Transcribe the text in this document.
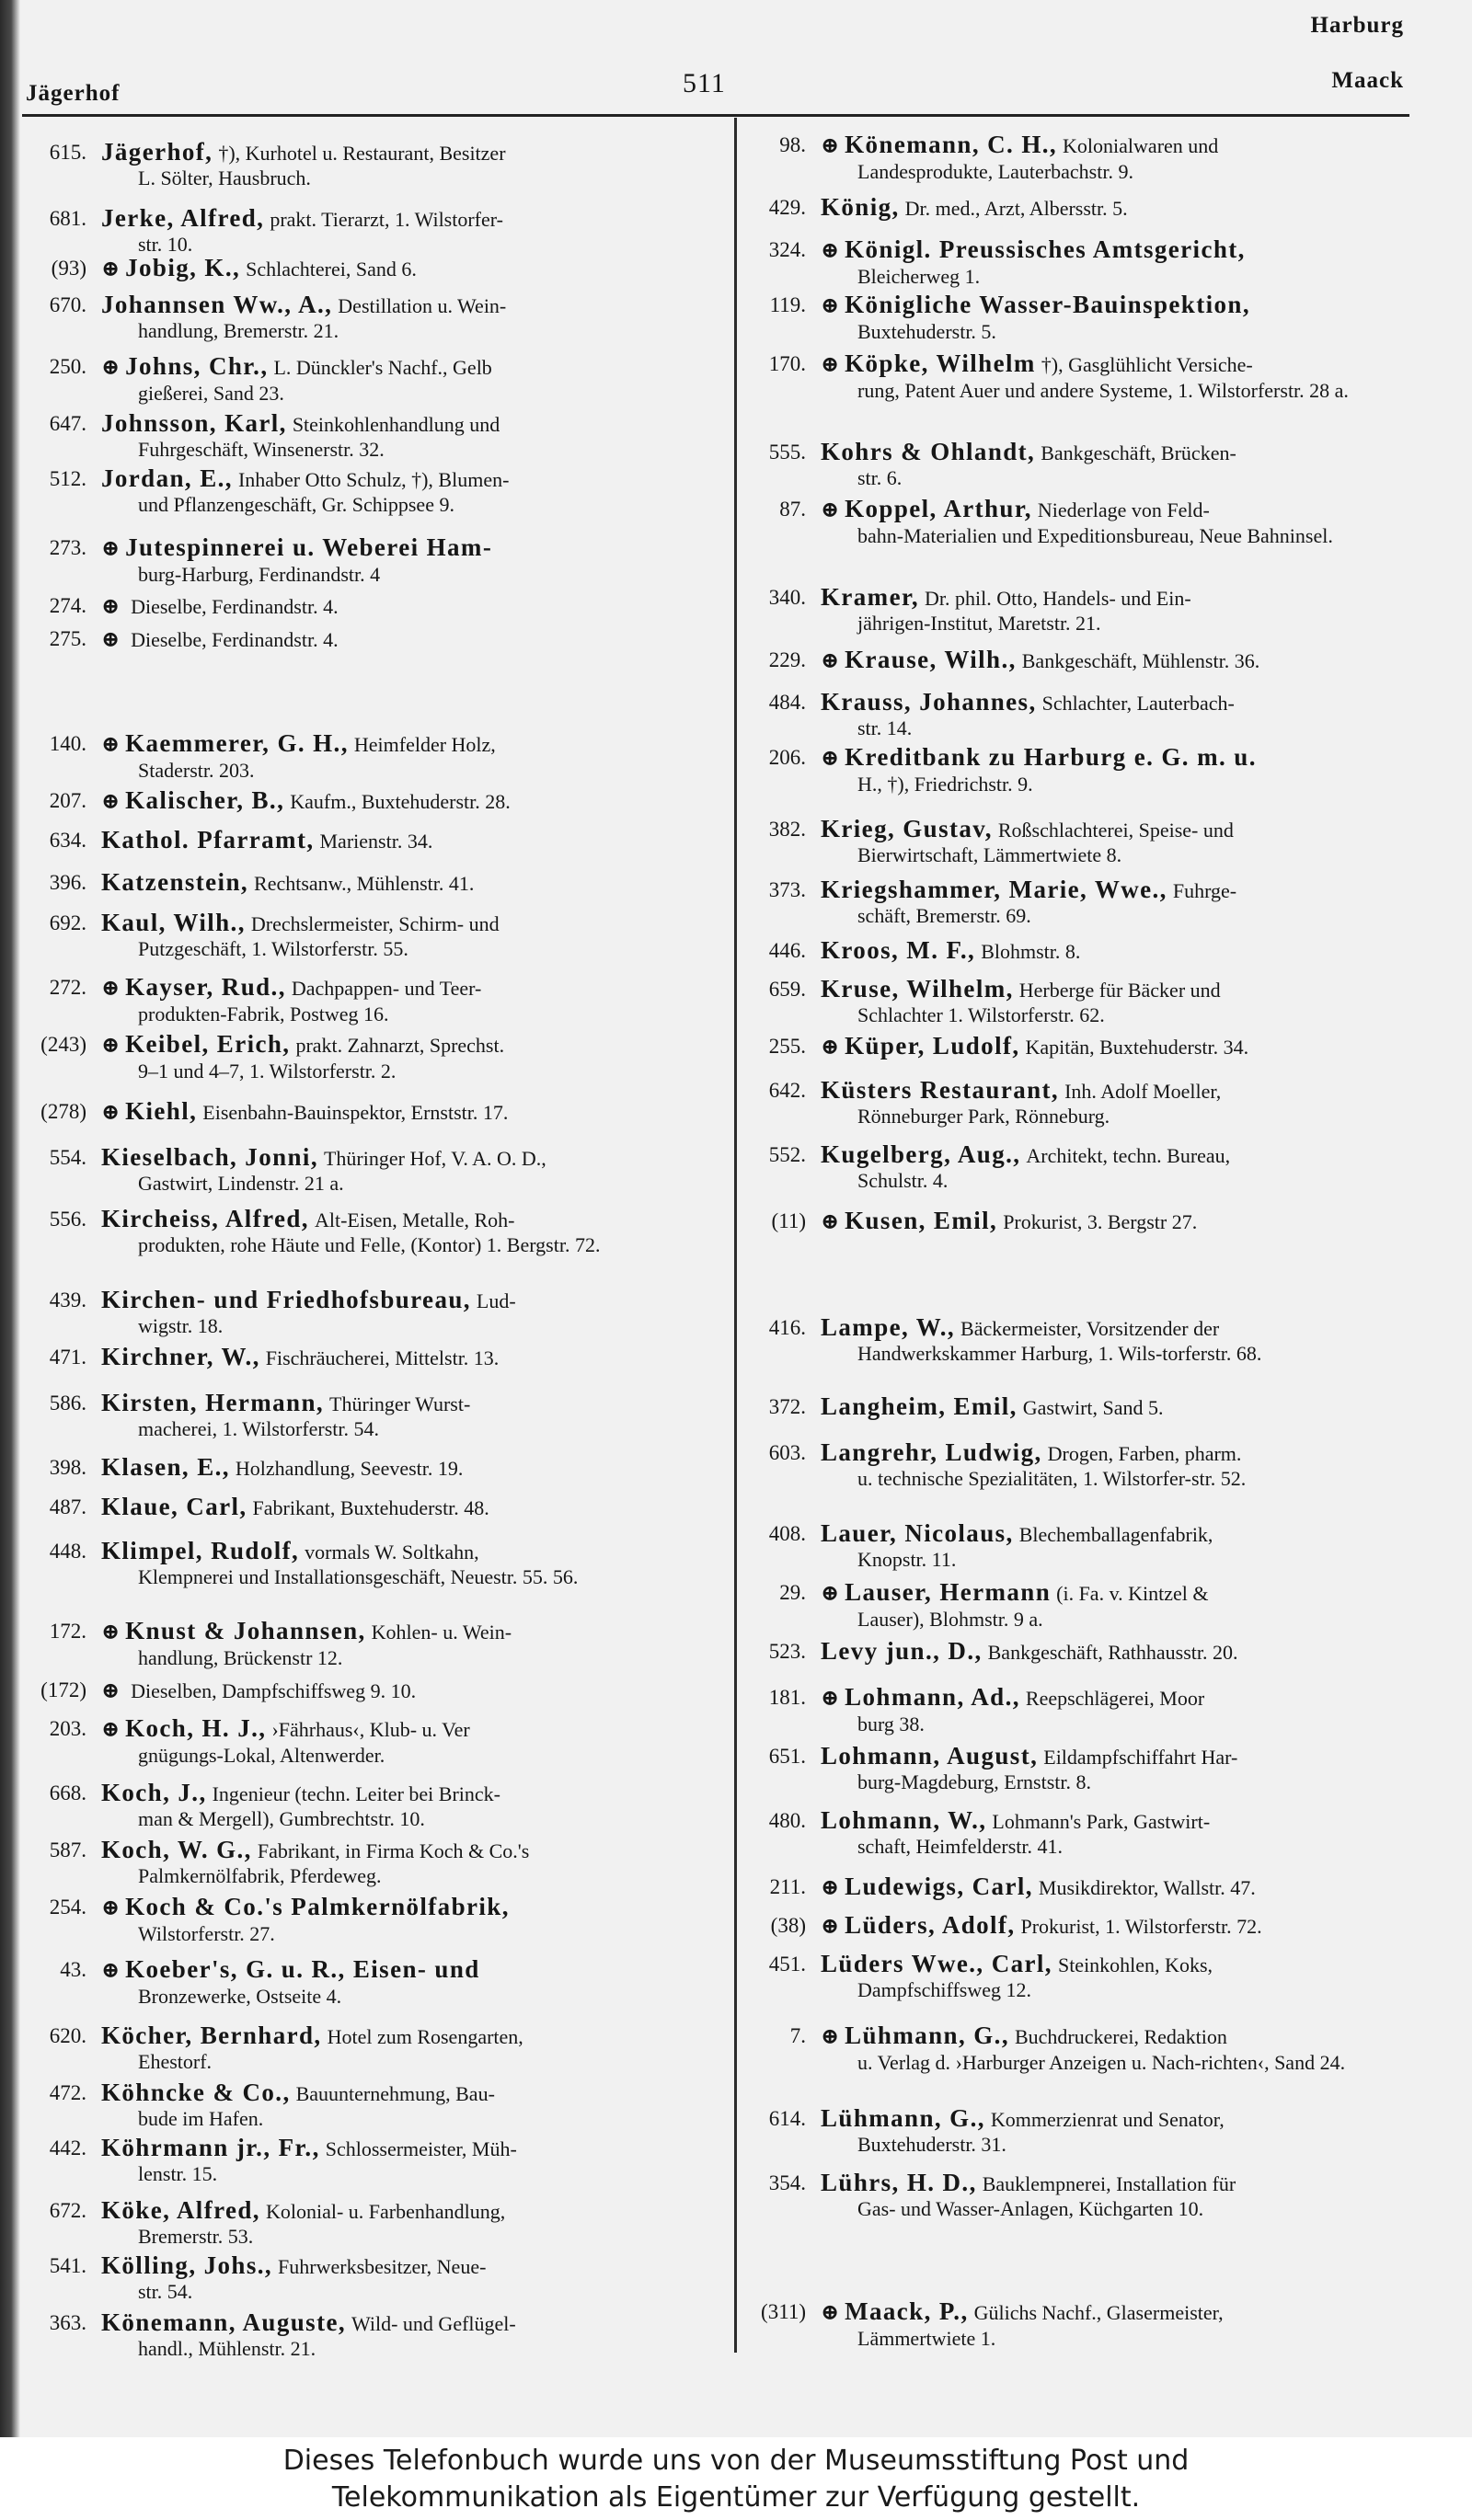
Jägerhof	511
Harburg
Maack
615. Jägerhof, †), Kurhotel u. Restaurant, Besitzer
L. Sölter, Hausbruch.
681. Jerke, Alfred, prakt. Tierarzt, 1. Wilstorfer-
str. 10.
(93) ⊕ Jobig, K., Schlachterei, Sand 6.
670. Johannsen Ww., A., Destillation u. Wein-
handlung, Bremerstr. 21.
250. ⊕ Johns, Chr., L. Dünckler's Nachf., Gelb
gießerei, Sand 23.
647. Johnsson, Karl, Steinkohlenhandlung und
Fuhrgeschäft, Winsenerstr. 32.
512. Jordan, E., Inhaber Otto Schulz, †), Blumen-
und Pflanzengeschäft, Gr. Schippsee 9.
273. ⊕ Jutespinnerei u. Weberei Ham-
burg-Harburg, Ferdinandstr. 4
274. ⊕ Dieselbe, Ferdinandstr. 4.
275. ⊕ Dieselbe, Ferdinandstr. 4.
140. ⊕ Kaemmerer, G. H., Heimfelder Holz,
Staderstr. 203.
207. ⊕ Kalischer, B., Kaufm., Buxtehuderstr. 28.
634. Kathol. Pfarramt, Marienstr. 34.
396. Katzenstein, Rechtsanw., Mühlenstr. 41.
692. Kaul, Wilh., Drechslermeister, Schirm- und
Putzgeschäft, 1. Wilstorferstr. 55.
272. ⊕ Kayser, Rud., Dachpappen- und Teer-
produkten-Fabrik, Postweg 16.
(243) ⊕ Keibel, Erich, prakt. Zahnarzt, Sprechst.
9–1 und 4–7, 1. Wilstorferstr. 2.
(278) ⊕ Kiehl, Eisenbahn-Bauinspektor, Ernststr. 17.
554. Kieselbach, Jonni, Thüringer Hof, V. A. O. D.,
Gastwirt, Lindenstr. 21 a.
556. Kircheiss, Alfred, Alt-Eisen, Metalle, Roh-
produkten, rohe Häute und Felle, (Kontor) 1. Bergstr. 72.
439. Kirchen- und Friedhofsbureau, Lud-
wigstr. 18.
471. Kirchner, W., Fischräucherei, Mittelstr. 13.
586. Kirsten, Hermann, Thüringer Wurst-
macherei, 1. Wilstorferstr. 54.
398. Klasen, E., Holzhandlung, Seevestr. 19.
487. Klaue, Carl, Fabrikant, Buxtehuderstr. 48.
448. Klimpel, Rudolf, vormals W. Soltkahn,
Klempnerei und Installationsgeschäft, Neuestr. 55. 56.
172. ⊕ Knust & Johannsen, Kohlen- u. Wein-
handlung, Brückenstr 12.
(172) ⊕ Dieselben, Dampfschiffsweg 9. 10.
203. ⊕ Koch, H. J., ›Fährhaus‹, Klub- u. Ver
gnügungs-Lokal, Altenwerder.
668. Koch, J., Ingenieur (techn. Leiter bei Brinck-
man & Mergell), Gumbrechtstr. 10.
587. Koch, W. G., Fabrikant, in Firma Koch & Co.'s
Palmkernölfabrik, Pferdeweg.
254. ⊕ Koch & Co.'s Palmkernölfabrik,
Wilstorferstr. 27.
43. ⊕ Koeber's, G. u. R., Eisen- und
Bronzewerke, Ostseite 4.
620. Köcher, Bernhard, Hotel zum Rosengarten,
Ehestorf.
472. Köhncke & Co., Bauunternehmung, Bau-
bude im Hafen.
442. Köhrmann jr., Fr., Schlossermeister, Müh-
lenstr. 15.
672. Köke, Alfred, Kolonial- u. Farbenhandlung,
Bremerstr. 53.
541. Kölling, Johs., Fuhrwerksbesitzer, Neue-
str. 54.
363. Könemann, Auguste, Wild- und Geflügel-
handl., Mühlenstr. 21.
98. ⊕ Könemann, C. H., Kolonialwaren und
Landesprodukte, Lauterbachstr. 9.
429. König, Dr. med., Arzt, Albersstr. 5.
324. ⊕ Königl. Preussisches Amtsgericht,
Bleicherweg 1.
119. ⊕ Königliche Wasser-Bauinspektion,
Buxtehuderstr. 5.
170. ⊕ Köpke, Wilhelm †), Gasglühlicht Versiche-
rung, Patent Auer und andere Systeme, 1. Wilstorferstr. 28 a.
555. Kohrs & Ohlandt, Bankgeschäft, Brücken-
str. 6.
87. ⊕ Koppel, Arthur, Niederlage von Feld-
bahn-Materialien und Expeditionsbureau, Neue Bahninsel.
340. Kramer, Dr. phil. Otto, Handels- und Ein-
jährigen-Institut, Maretstr. 21.
229. ⊕ Krause, Wilh., Bankgeschäft, Mühlenstr. 36.
484. Krauss, Johannes, Schlachter, Lauterbach-
str. 14.
206. ⊕ Kreditbank zu Harburg e. G. m. u.
H., †), Friedrichstr. 9.
382. Krieg, Gustav, Roßschlachterei, Speise- und
Bierwirtschaft, Lämmertwiete 8.
373. Kriegshammer, Marie, Wwe., Fuhrge-
schäft, Bremerstr. 69.
446. Kroos, M. F., Blohmstr. 8.
659. Kruse, Wilhelm, Herberge für Bäcker und
Schlachter 1. Wilstorferstr. 62.
255. ⊕ Küper, Ludolf, Kapitän, Buxtehuderstr. 34.
642. Küsters Restaurant, Inh. Adolf Moeller,
Rönneburger Park, Rönneburg.
552. Kugelberg, Aug., Architekt, techn. Bureau,
Schulstr. 4.
(11) ⊕ Kusen, Emil, Prokurist, 3. Bergstr 27.
416. Lampe, W., Bäckermeister, Vorsitzender der
Handwerkskammer Harburg, 1. Wils-torferstr. 68.
372. Langheim, Emil, Gastwirt, Sand 5.
603. Langrehr, Ludwig, Drogen, Farben, pharm.
u. technische Spezialitäten, 1. Wilstorfer-str. 52.
408. Lauer, Nicolaus, Blechemballagenfabrik,
Knopstr. 11.
29. ⊕ Lauser, Hermann (i. Fa. v. Kintzel &
Lauser), Blohmstr. 9 a.
523. Levy jun., D., Bankgeschäft, Rathhausstr. 20.
181. ⊕ Lohmann, Ad., Reepschlägerei, Moor
burg 38.
651. Lohmann, August, Eildampfschiffahrt Har-
burg-Magdeburg, Ernststr. 8.
480. Lohmann, W., Lohmann's Park, Gastwirt-
schaft, Heimfelderstr. 41.
211. ⊕ Ludewigs, Carl, Musikdirektor, Wallstr. 47.
(38) ⊕ Lüders, Adolf, Prokurist, 1. Wilstorferstr. 72.
451. Lüders Wwe., Carl, Steinkohlen, Koks,
Dampfschiffsweg 12.
7. ⊕ Lühmann, G., Buchdruckerei, Redaktion
u. Verlag d. ›Harburger Anzeigen u. Nach-richten‹, Sand 24.
614. Lühmann, G., Kommerzienrat und Senator,
Buxtehuderstr. 31.
354. Lührs, H. D., Bauklempnerei, Installation für
Gas- und Wasser-Anlagen, Küchgarten 10.
(311) ⊕ Maack, P., Gülichs Nachf., Glasermeister,
Lämmertwiete 1.
Dieses Telefonbuch wurde uns von der Museumsstiftung Post und
Telekommunikation als Eigentümer zur Verfügung gestellt.
